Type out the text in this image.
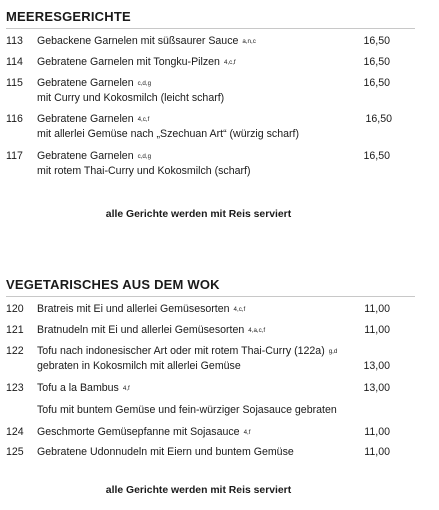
MEERESGERICHTE
113 Gebackene Garnelen mit süßsaurer Sauce a,n,c	16,50
114 Gebratene Garnelen mit Tongku-Pilzen 4,c,f	16,50
115 Gebratene Garnelen c,d,g	16,50
mit Curry und Kokosmilch (leicht scharf)
116 Gebratene Garnelen 4,c,f	16,50
mit allerlei Gemüse nach „Szechuan Art“ (würzig scharf)
117 Gebratene Garnelen c,d,g	16,50
mit rotem Thai-Curry und Kokosmilch (scharf)
alle Gerichte werden mit Reis serviert
VEGETARISCHES AUS DEM WOK
120 Bratreis mit Ei und allerlei Gemüsesorten 4,c,f	11,00
121 Bratnudeln mit Ei und allerlei Gemüsesorten 4,a,c,f	11,00
122 Tofu nach indonesischer Art oder mit rotem Thai-Curry (122a) g,d
gebraten in Kokosmilch mit allerlei Gemüse	13,00
123 Tofu a la Bambus 4,f	13,00
Tofu mit buntem Gemüse und fein-würziger Sojasauce gebraten
124 Geschmorte Gemüsepfanne mit Sojasauce 4,f	11,00
125 Gebratene Udonnudeln mit Eiern und buntem Gemüse	11,00
alle Gerichte werden mit Reis serviert
